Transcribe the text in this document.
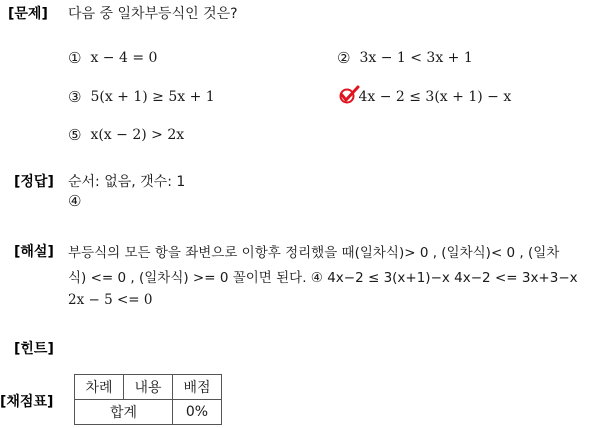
[문제] 다음 중 일차부등식인 것은?
① x − 4 = 0	② 3x − 1 < 3x + 1
③ 5(x + 1) ≥ 5x + 1	4x − 2 ≤ 3(x + 1) − x
⑤ x(x − 2) > 2x
[정답] 순서: 없음, 갯수: 1
④
[해설] 부등식의 모든 항을 좌변으로 이항후 정리했을 때(일차식)> 0 , (일차식)< 0 , (일차
식) <= 0 , (일차식) >= 0 꼴이면 된다. ④ 4x−2 ≤ 3(x+1)−x 4x−2 <= 3x+3−x
2x − 5 <= 0
[힌트]
[채점표]
차례	내용	배점
합계		0%
